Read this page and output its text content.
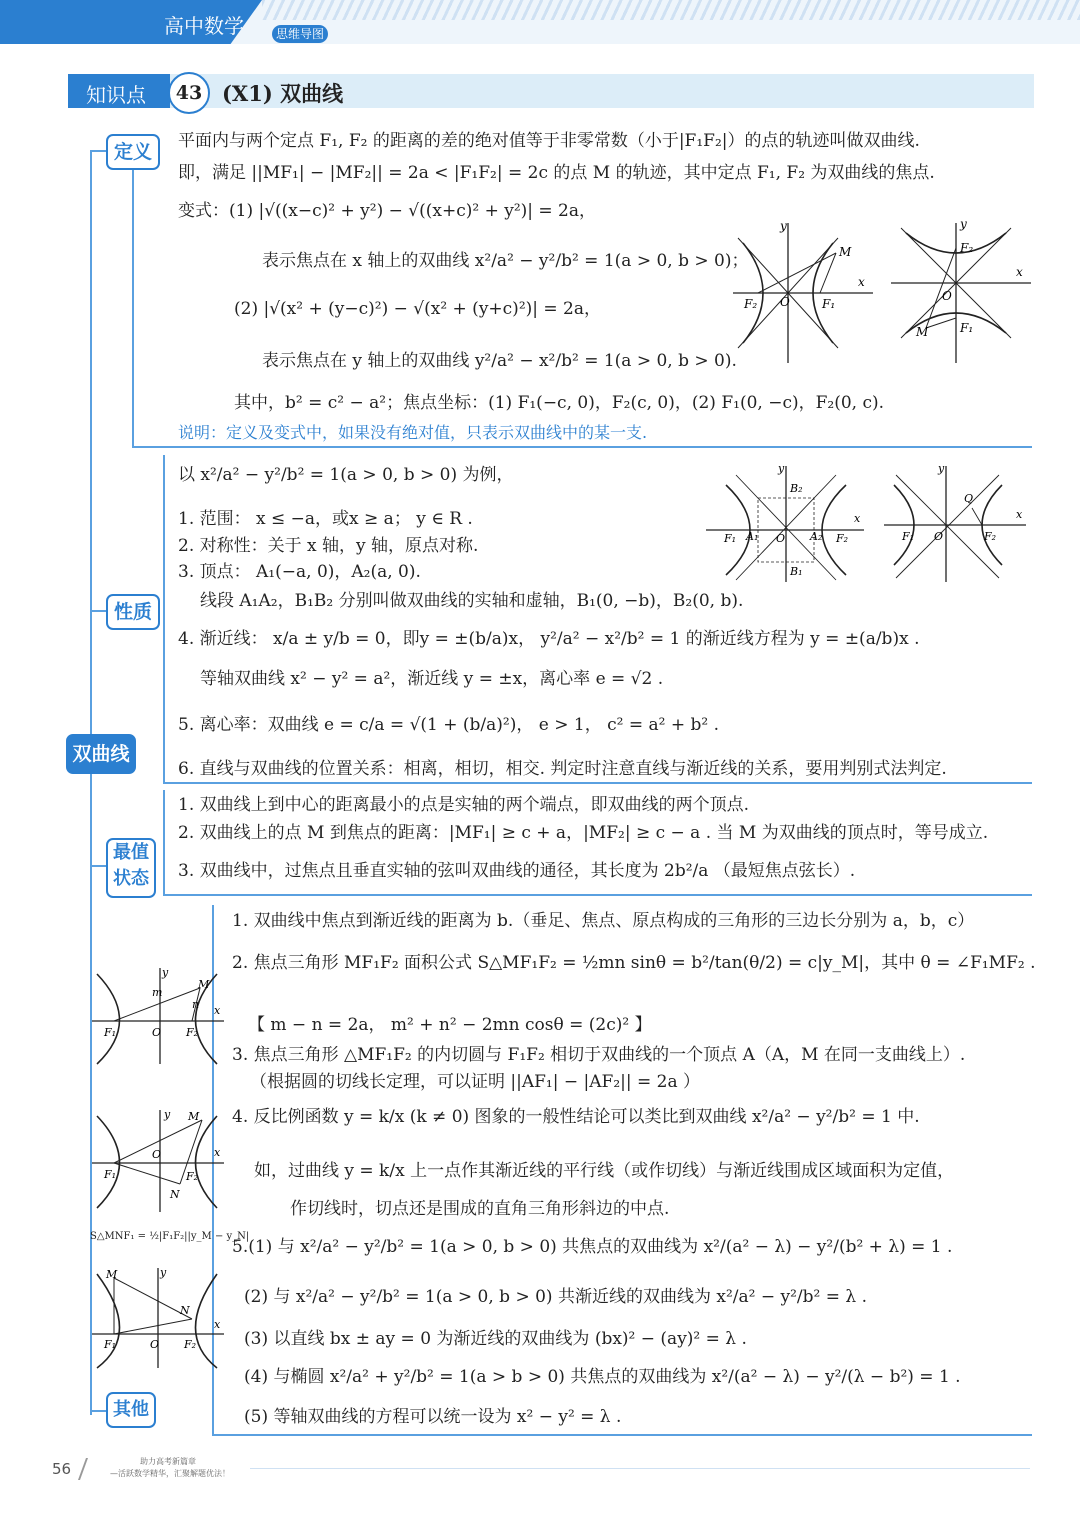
高中数学	思维导图
知识点	43 (X1) 双曲线
定义
性质
双曲线
最值
状态
其他
平面内与两个定点 F₁, F₂ 的距离的差的绝对值等于非零常数（小于|F₁F₂|）的点的轨迹叫做双曲线.
即，满足 ||MF₁| − |MF₂|| = 2a < |F₁F₂| = 2c 的点 M 的轨迹，其中定点 F₁, F₂ 为双曲线的焦点.
变式：(1) |√((x−c)² + y²) − √((x+c)² + y²)| = 2a，
表示焦点在 x 轴上的双曲线 x²/a² − y²/b² = 1(a > 0, b > 0)；
(2) |√(x² + (y−c)²) − √(x² + (y+c)²)| = 2a，
表示焦点在 y 轴上的双曲线 y²/a² − x²/b² = 1(a > 0, b > 0).
其中，b² = c² − a²；焦点坐标：(1) F₁(−c, 0)，F₂(c, 0)，(2) F₁(0, −c)，F₂(0, c).
说明：定义及变式中，如果没有绝对值，只表示双曲线中的某一支.
M
x
y
F₂	F₁
O
F₂
F₁
M
O
x
y
以 x²/a² − y²/b² = 1(a > 0, b > 0) 为例，
1. 范围： x ≤ −a，或x ≥ a； y ∈ R .
2. 对称性：关于 x 轴，y 轴，原点对称.
3. 顶点： A₁(−a, 0)，A₂(a, 0).
线段 A₁A₂，B₁B₂ 分别叫做双曲线的实轴和虚轴，B₁(0, −b)，B₂(0, b).
4. 渐近线： x/a ± y/b = 0，即y = ±(b/a)x， y²/a² − x²/b² = 1 的渐近线方程为 y = ±(a/b)x .
等轴双曲线 x² − y² = a²，渐近线 y = ±x，离心率 e = √2 .
5. 离心率：双曲线 e = c/a = √(1 + (b/a)²)， e > 1， c² = a² + b² .
6. 直线与双曲线的位置关系：相离，相切，相交. 判定时注意直线与渐近线的关系，要用判别式法判定.
B₂
B₁
A₁	A₂
F₁	F₂
O
x
y
Q
F₂
F₁ O
x
y
1. 双曲线上到中心的距离最小的点是实轴的两个端点，即双曲线的两个顶点.
2. 双曲线上的点 M 到焦点的距离：|MF₁| ≥ c + a，|MF₂| ≥ c − a . 当 M 为双曲线的顶点时，等号成立.
3. 双曲线中，过焦点且垂直实轴的弦叫双曲线的通径，其长度为 2b²/a （最短焦点弦长）.
1. 双曲线中焦点到渐近线的距离为 b.（垂足、焦点、原点构成的三角形的三边长分别为 a，b，c）
2. 焦点三角形 MF₁F₂ 面积公式 S△MF₁F₂ = ½mn sinθ = b²/tan(θ/2) = c|y_M|，其中 θ = ∠F₁MF₂ .
【 m − n = 2a， m² + n² − 2mn cosθ = (2c)² 】
3. 焦点三角形 △MF₁F₂ 的内切圆与 F₁F₂ 相切于双曲线的一个顶点 A（A，M 在同一支曲线上）.
（根据圆的切线长定理，可以证明 ||AF₁| − |AF₂|| = 2a ）
4. 反比例函数 y = k/x (k ≠ 0) 图象的一般性结论可以类比到双曲线 x²/a² − y²/b² = 1 中.
如，过曲线 y = k/x 上一点作其渐近线的平行线（或作切线）与渐近线围成区域面积为定值，
作切线时，切点还是围成的直角三角形斜边的中点.
5.(1) 与 x²/a² − y²/b² = 1(a > 0, b > 0) 共焦点的双曲线为 x²/(a² − λ) − y²/(b² + λ) = 1 .
(2) 与 x²/a² − y²/b² = 1(a > 0, b > 0) 共渐近线的双曲线为 x²/a² − y²/b² = λ .
(3) 以直线 bx ± ay = 0 为渐近线的双曲线为 (bx)² − (ay)² = λ .
(4) 与椭圆 x²/a² + y²/b² = 1(a > b > 0) 共焦点的双曲线为 x²/(a² − λ) − y²/(λ − b²) = 1 .
(5) 等轴双曲线的方程可以统一设为 x² − y² = λ .
S△MNF₁ = ½|F₁F₂||y_M − y_N|
M
m
n
F₁	F₂
O
x
y
M
N
F₁	F₂
O	x
y
M
N
F₁	F₂
O
x
y
56	助力高考新篇章
—活跃数学精华，汇聚解题优法！
